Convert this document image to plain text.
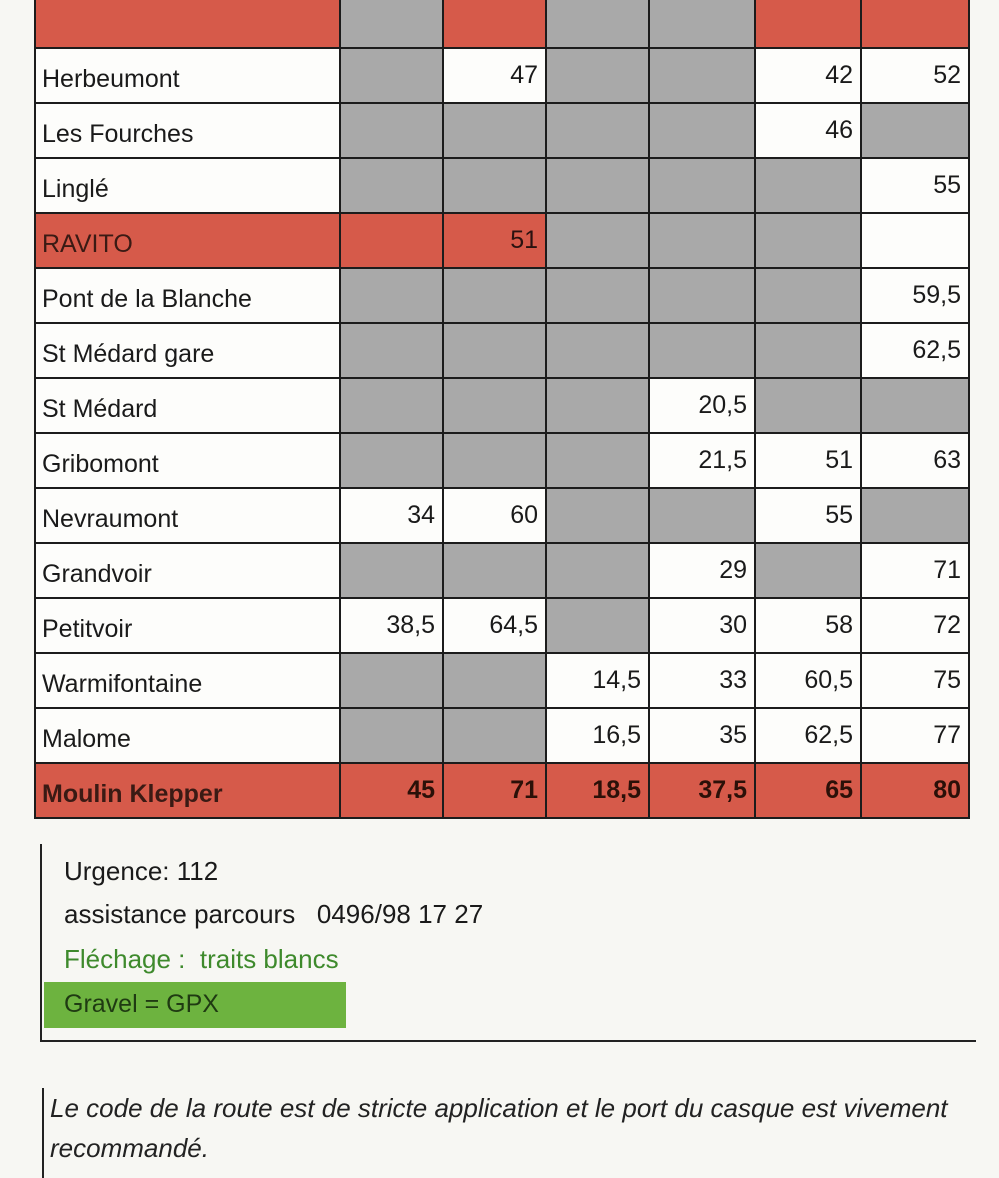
Herbeumont		47			42	52
Les Fourches					46	
Linglé						55
RAVITO		51				
Pont de la Blanche						59,5
St Médard gare						62,5
St Médard				20,5		
Gribomont				21,5	51	63
Nevraumont	34	60			55	
Grandvoir				29		71
Petitvoir	38,5	64,5		30	58	72
Warmifontaine			14,5	33	60,5	75
Malome			16,5	35	62,5	77
Moulin Klepper	45	71	18,5	37,5	65	80
Urgence: 112
assistance parcours   0496/98 17 27
Fléchage :  traits blancs
Gravel = GPX

Le code de la route est de stricte application et le port du casque est vivement recommandé.
